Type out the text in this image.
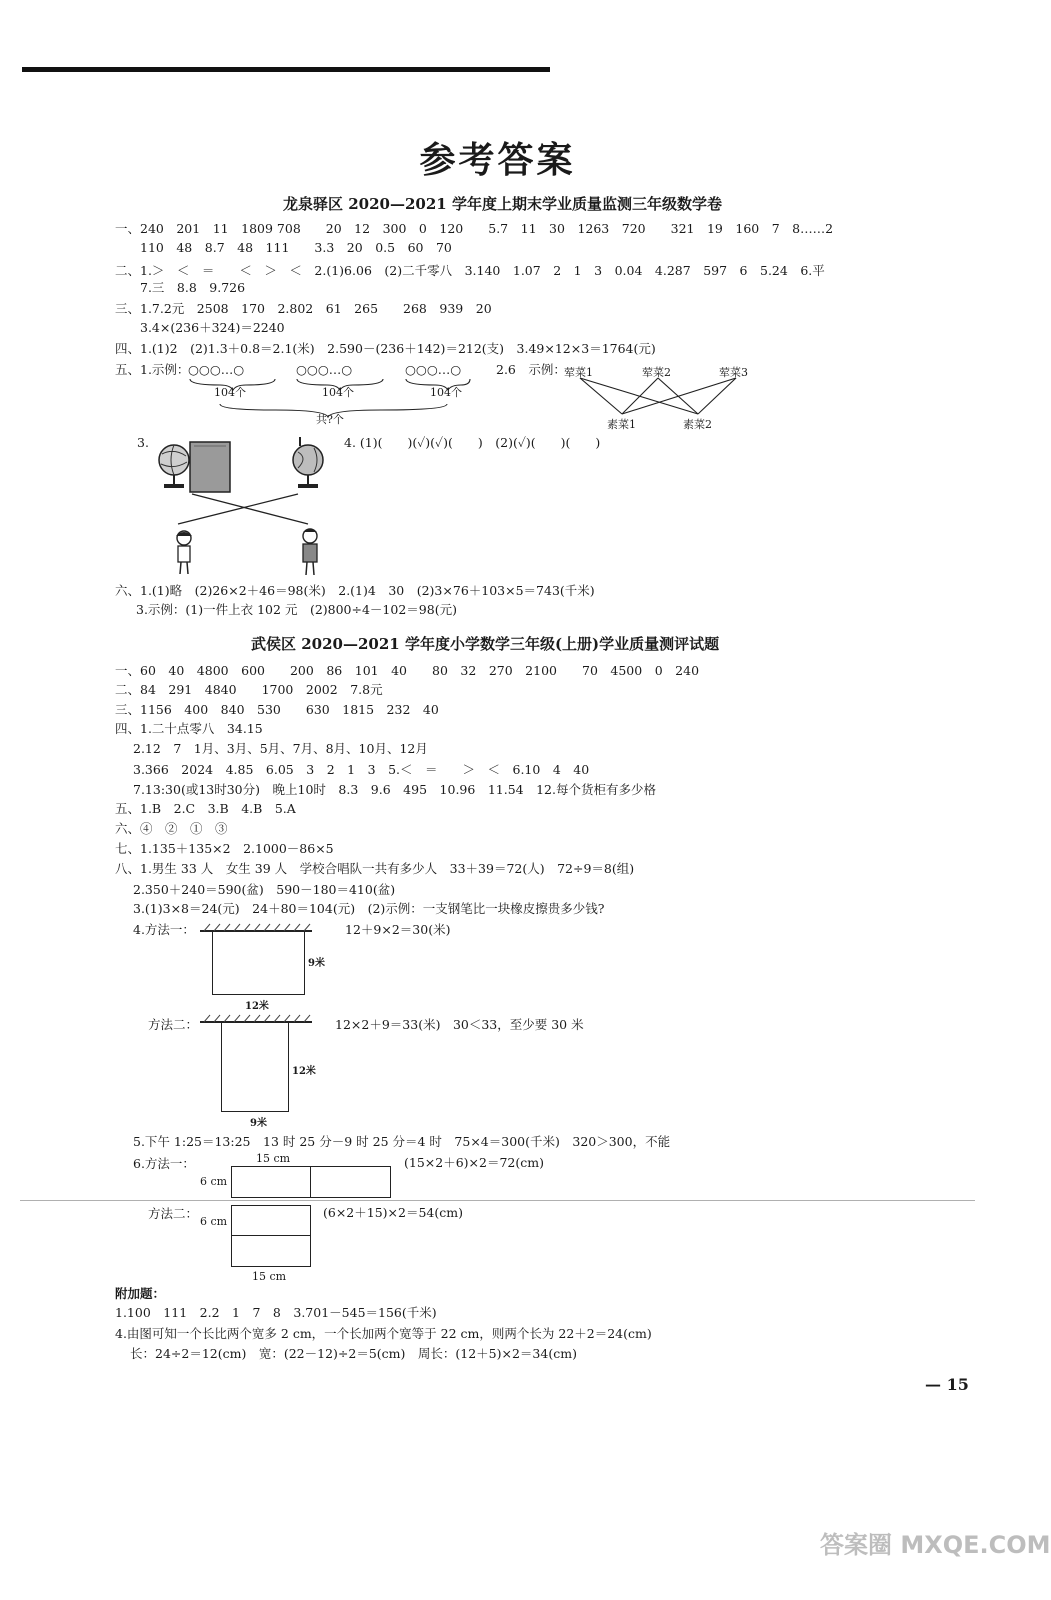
参考答案
龙泉驿区 2020—2021 学年度上期末学业质量监测三年级数学卷
一、240　201　11　1809 708　　20　12　300　0　120　　5.7　11　30　1263　720　　321　19　160　7　8……2
110　48　8.7　48　111　　3.3　20　0.5　60　70
二、1.＞　＜　＝　　＜　＞　＜　2.(1)6.06　(2)二千零八　3.140　1.07　2　1　3　0.04　4.287　597　6　5.24　6.平
7.三　8.8　9.726
三、1.7.2元　2508　170　2.802　61　265　　268　939　20
3.4×(236＋324)＝2240
四、1.(1)2　(2)1.3＋0.8＝2.1(米)　2.590－(236＋142)＝212(支)　3.49×12×3＝1764(元)
五、1.示例：
○○○…○	○○○…○	○○○…○
104个	104个	104个
共?个
2.6　示例：
荤菜1	荤菜2	荤菜3
素菜1	素菜2
3.	4. (1)(　　)(✓)(✓)(　　)　(2)(✓)(　　)(　　)
六、1.(1)略　(2)26×2＋46＝98(米)　2.(1)4　30　(2)3×76＋103×5＝743(千米)
3.示例：(1)一件上衣 102 元　(2)800÷4－102＝98(元)
武侯区 2020—2021 学年度小学数学三年级(上册)学业质量测评试题
一、60　40　4800　600　　200　86　101　40　　80　32　270　2100　　70　4500　0　240
二、84　291　4840　　1700　2002　7.8元
三、1156　400　840　530　　630　1815　232　40
四、1.二十点零八　34.15
2.12　7　1月、3月、5月、7月、8月、10月、12月
3.366　2024　4.85　6.05　3　2　1　3　5.＜　＝　　＞　＜　6.10　4　40
7.13:30(或13时30分)　晚上10时　8.3　9.6　495　10.96　11.54　12.每个货柜有多少格
五、1.B　2.C　3.B　4.B　5.A
六、④　②　①　③
七、1.135＋135×2　2.1000－86×5
八、1.男生 33 人　女生 39 人　学校合唱队一共有多少人　33＋39＝72(人)　72÷9＝8(组)
2.350＋240＝590(盆)　590－180＝410(盆)
3.(1)3×8＝24(元)　24＋80＝104(元)　(2)示例：一支钢笔比一块橡皮擦贵多少钱?
4.方法一：
9米
12米
12＋9×2＝30(米)
方法二：
12米
9米
12×2＋9＝33(米)　30＜33，至少要 30 米
5.下午 1:25＝13:25　13 时 25 分－9 时 25 分＝4 时　75×4＝300(千米)　320＞300，不能
6.方法一：	15 cm
6 cm
(15×2＋6)×2＝72(cm)
方法二：
6 cm
15 cm
(6×2＋15)×2＝54(cm)
附加题：
1.100　111　2.2　1　7　8　3.701－545＝156(千米)
4.由图可知一个长比两个宽多 2 cm，一个长加两个宽等于 22 cm，则两个长为 22＋2＝24(cm)
长：24÷2＝12(cm)　宽：(22－12)÷2＝5(cm)　周长：(12＋5)×2＝34(cm)
— 15
答案圈 MXQE.COM
